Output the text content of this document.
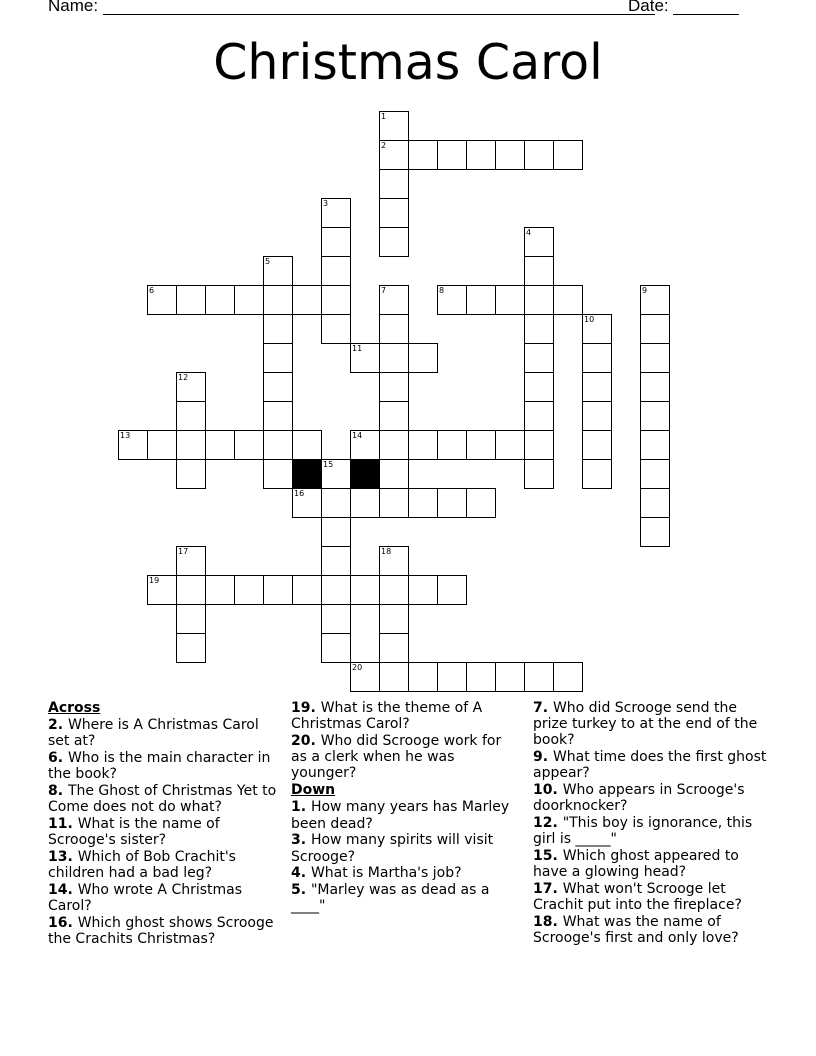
Name:	Date:
Christmas Carol
1
2
3
4
5
6	7	8	9
10
11
12
13	14
15
16
17	18
19
20
Across
2. Where is A Christmas Carol set at?
6. Who is the main character in the book?
8. The Ghost of Christmas Yet to Come does not do what?
11. What is the name of Scrooge's sister?
13. Which of Bob Crachit's children had a bad leg?
14. Who wrote A Christmas Carol?
16. Which ghost shows Scrooge the Crachits Christmas?
19. What is the theme of A Christmas Carol?
20. Who did Scrooge work for as a clerk when he was younger?
Down
1. How many years has Marley been dead?
3. How many spirits will visit Scrooge?
4. What is Martha's job?
5. "Marley was as dead as a ____"
7. Who did Scrooge send the prize turkey to at the end of the book?
9. What time does the first ghost appear?
10. Who appears in Scrooge's doorknocker?
12. "This boy is ignorance, this girl is _____"
15. Which ghost appeared to have a glowing head?
17. What won't Scrooge let Crachit put into the fireplace?
18. What was the name of Scrooge's first and only love?
